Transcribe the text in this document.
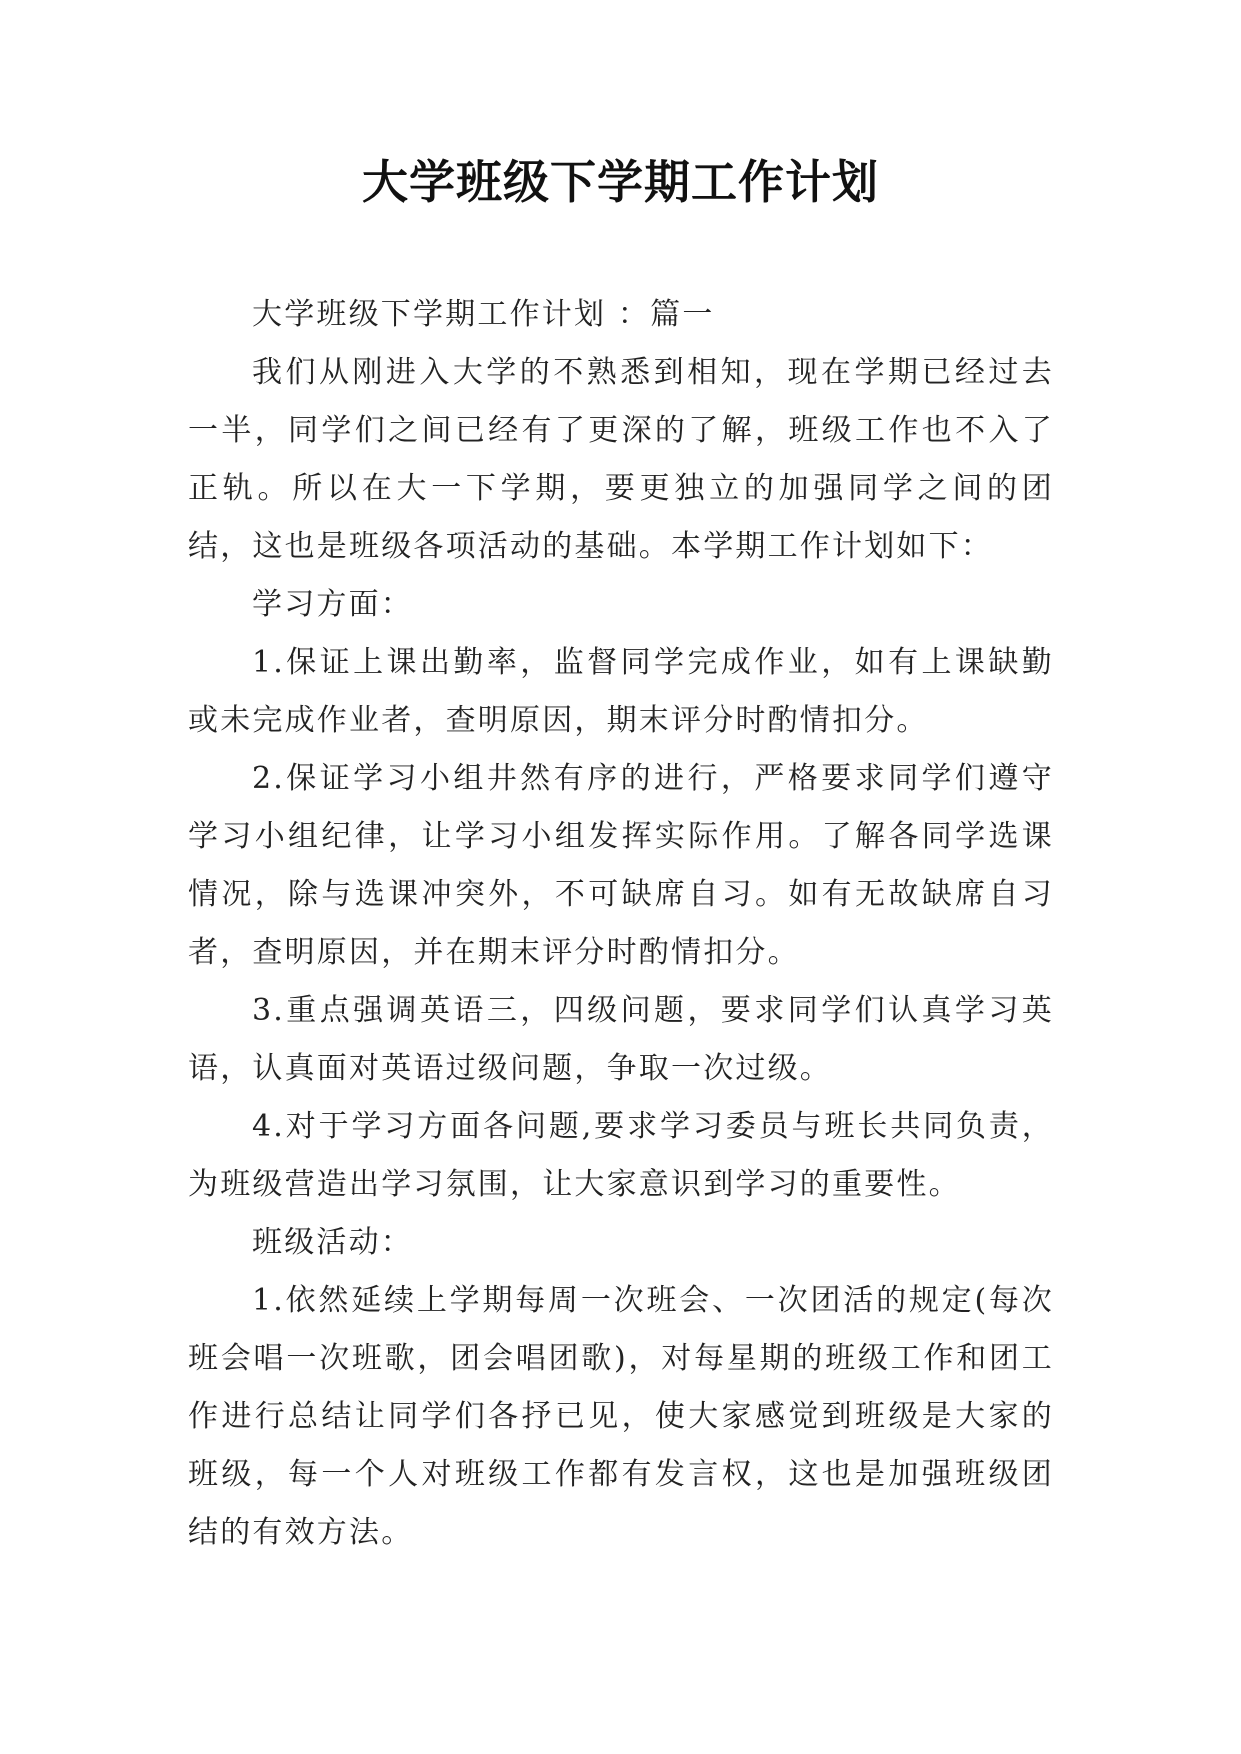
大学班级下学期工作计划

大学班级下学期工作计划 ：篇一

我们从刚进入大学的不熟悉到相知，现在学期已经过去一半，同学们之间已经有了更深的了解，班级工作也不入了正轨。所以在大一下学期，要更独立的加强同学之间的团结，这也是班级各项活动的基础。本学期工作计划如下：

学习方面：

1.保证上课出勤率，监督同学完成作业，如有上课缺勤或未完成作业者，查明原因，期末评分时酌情扣分。

2.保证学习小组井然有序的进行，严格要求同学们遵守学习小组纪律，让学习小组发挥实际作用。了解各同学选课情况，除与选课冲突外，不可缺席自习。如有无故缺席自习者，查明原因，并在期末评分时酌情扣分。

3.重点强调英语三，四级问题，要求同学们认真学习英语，认真面对英语过级问题，争取一次过级。

4.对于学习方面各问题,要求学习委员与班长共同负责，为班级营造出学习氛围，让大家意识到学习的重要性。

班级活动：

1.依然延续上学期每周一次班会、一次团活的规定(每次班会唱一次班歌，团会唱团歌)，对每星期的班级工作和团工作进行总结让同学们各抒已见，使大家感觉到班级是大家的班级，每一个人对班级工作都有发言权，这也是加强班级团结的有效方法。
